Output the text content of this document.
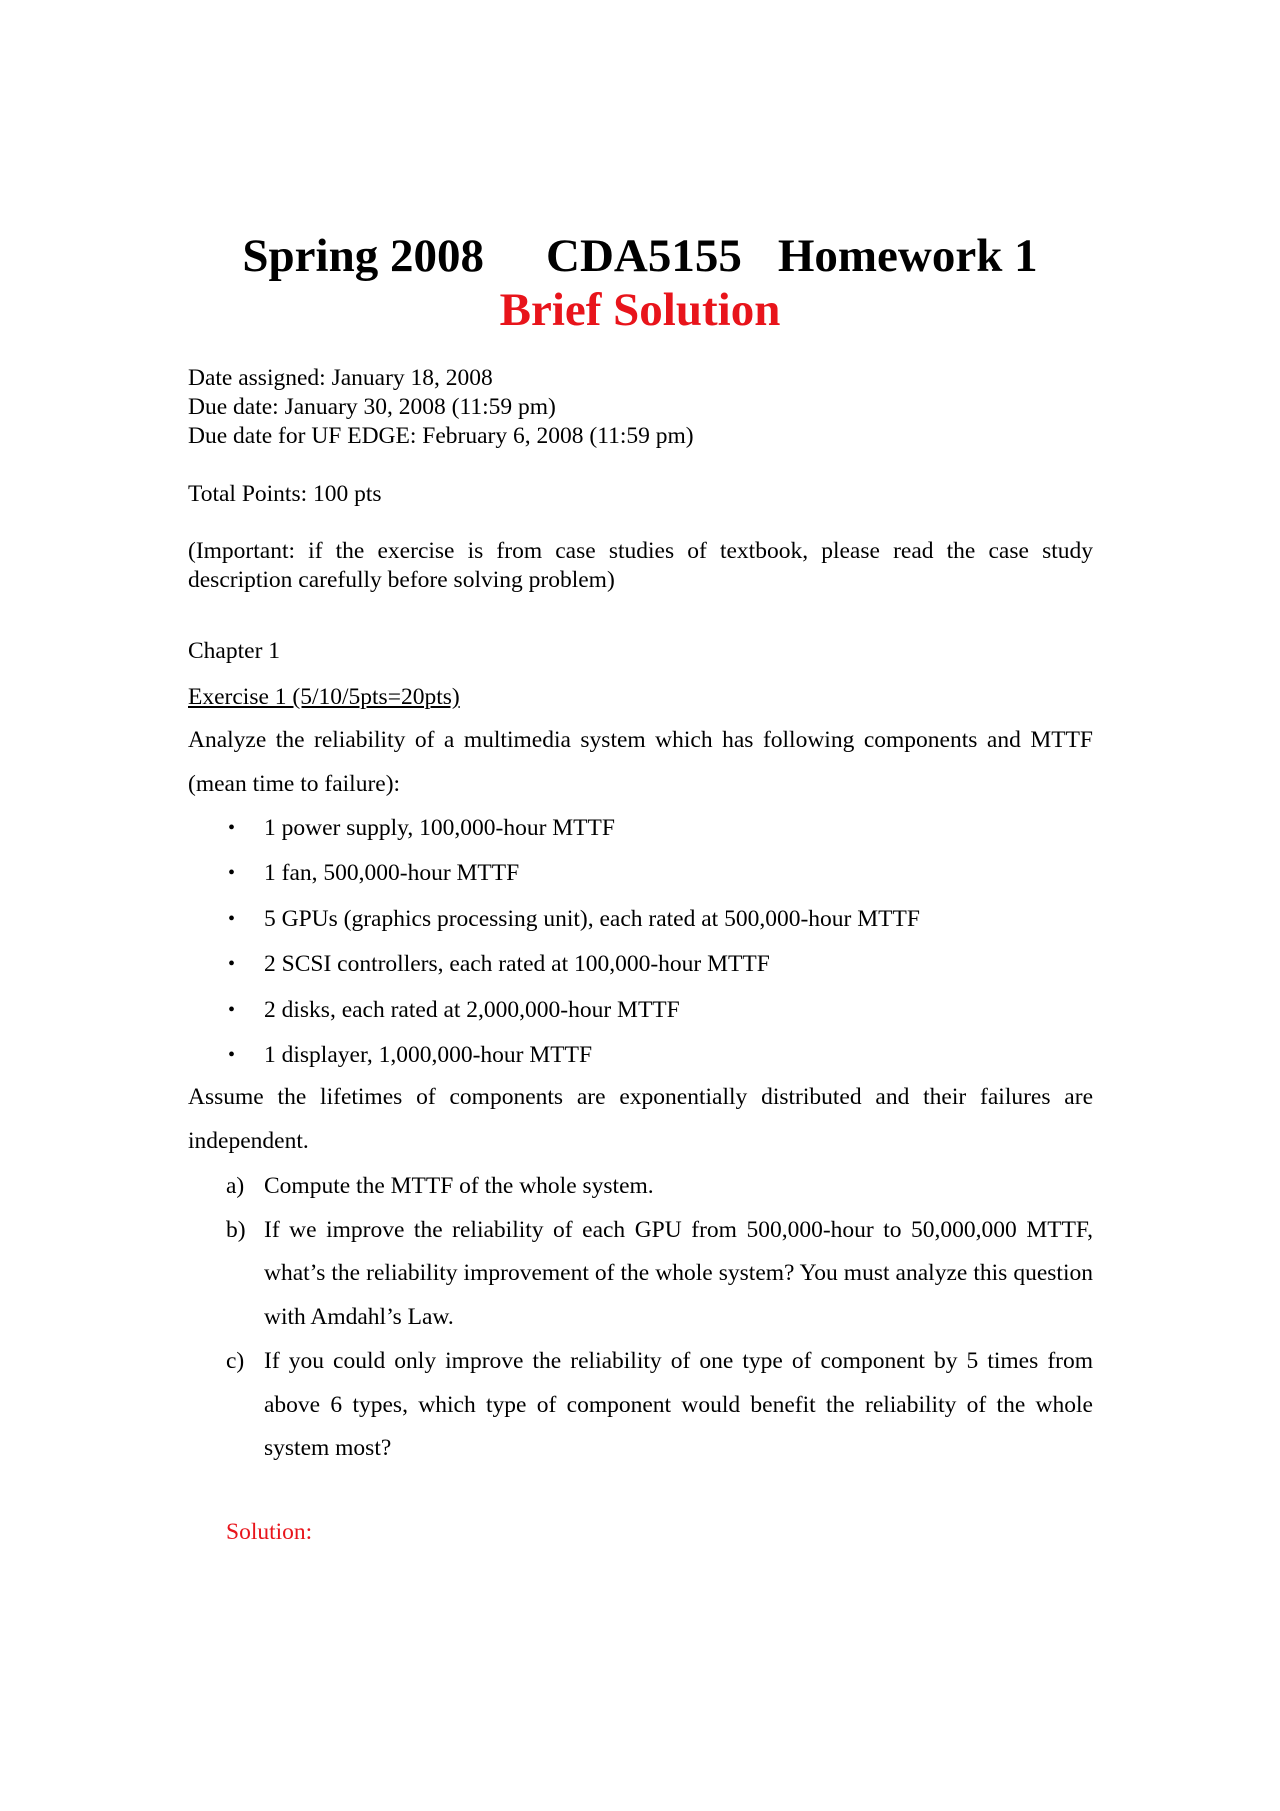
Spring 2008 CDA5155 Homework 1
Brief Solution
Date assigned: January 18, 2008
Due date: January 30, 2008 (11:59 pm)
Due date for UF EDGE: February 6, 2008 (11:59 pm)
Total Points: 100 pts
(Important: if the exercise is from case studies of textbook, please read the case study description carefully before solving problem)
Chapter 1
Exercise 1 (5/10/5pts=20pts)
Analyze the reliability of a multimedia system which has following components and MTTF (mean time to failure):
• 1 power supply, 100,000-hour MTTF
• 1 fan, 500,000-hour MTTF
• 5 GPUs (graphics processing unit), each rated at 500,000-hour MTTF
• 2 SCSI controllers, each rated at 100,000-hour MTTF
• 2 disks, each rated at 2,000,000-hour MTTF
• 1 displayer, 1,000,000-hour MTTF
Assume the lifetimes of components are exponentially distributed and their failures are independent.
a) Compute the MTTF of the whole system.
b) If we improve the reliability of each GPU from 500,000-hour to 50,000,000 MTTF, what’s the reliability improvement of the whole system? You must analyze this question with Amdahl’s Law.
c) If you could only improve the reliability of one type of component by 5 times from above 6 types, which type of component would benefit the reliability of the whole system most?
Solution:
